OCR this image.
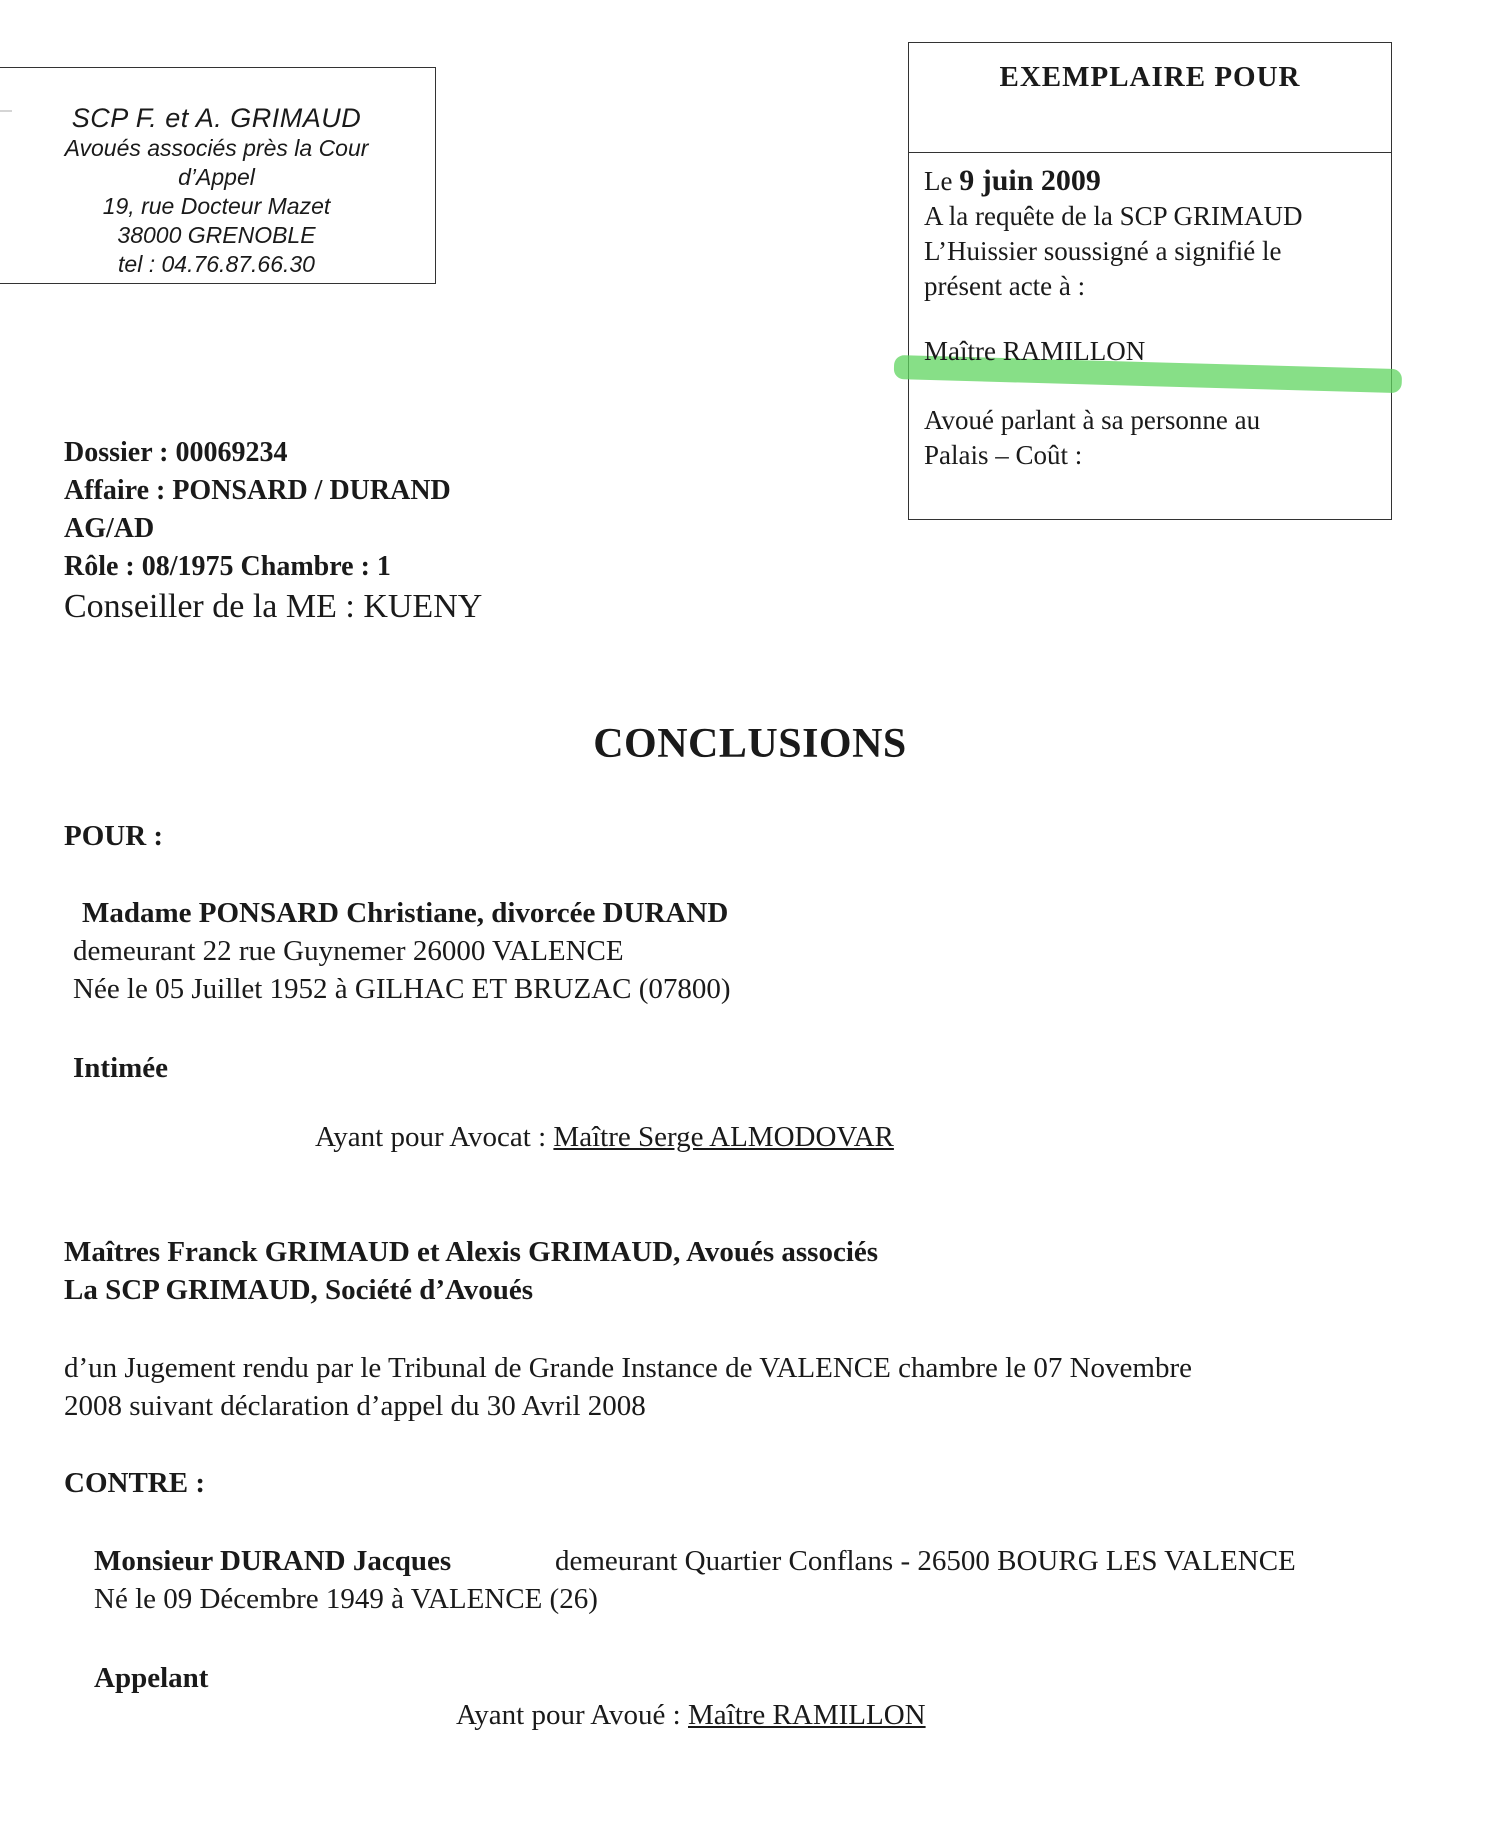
SCP F. et A. GRIMAUD
Avoués associés près la Cour
d’Appel
19, rue Docteur Mazet
38000 GRENOBLE
tel : 04.76.87.66.30
EXEMPLAIRE POUR
Le 9 juin 2009
A la requête de la SCP GRIMAUD
L’Huissier soussigné a signifié le
présent acte à :
Maître RAMILLON
Avoué parlant à sa personne au
Palais – Coût :
Dossier : 00069234
Affaire : PONSARD / DURAND
AG/AD
Rôle : 08/1975 Chambre : 1
Conseiller de la ME : KUENY
CONCLUSIONS
POUR :
Madame PONSARD Christiane, divorcée DURAND
demeurant 22 rue Guynemer 26000 VALENCE
Née le 05 Juillet 1952 à GILHAC ET BRUZAC (07800)
Intimée
Ayant pour Avocat : Maître Serge ALMODOVAR
Maîtres Franck GRIMAUD et Alexis GRIMAUD, Avoués associés
La SCP GRIMAUD, Société d’Avoués
d’un Jugement rendu par le Tribunal de Grande Instance de VALENCE chambre le 07 Novembre
2008 suivant déclaration d’appel du 30 Avril 2008
CONTRE :
Monsieur DURAND Jacques	demeurant Quartier Conflans - 26500 BOURG LES VALENCE
Né le 09 Décembre 1949 à VALENCE (26)
Appelant
Ayant pour Avoué : Maître RAMILLON
